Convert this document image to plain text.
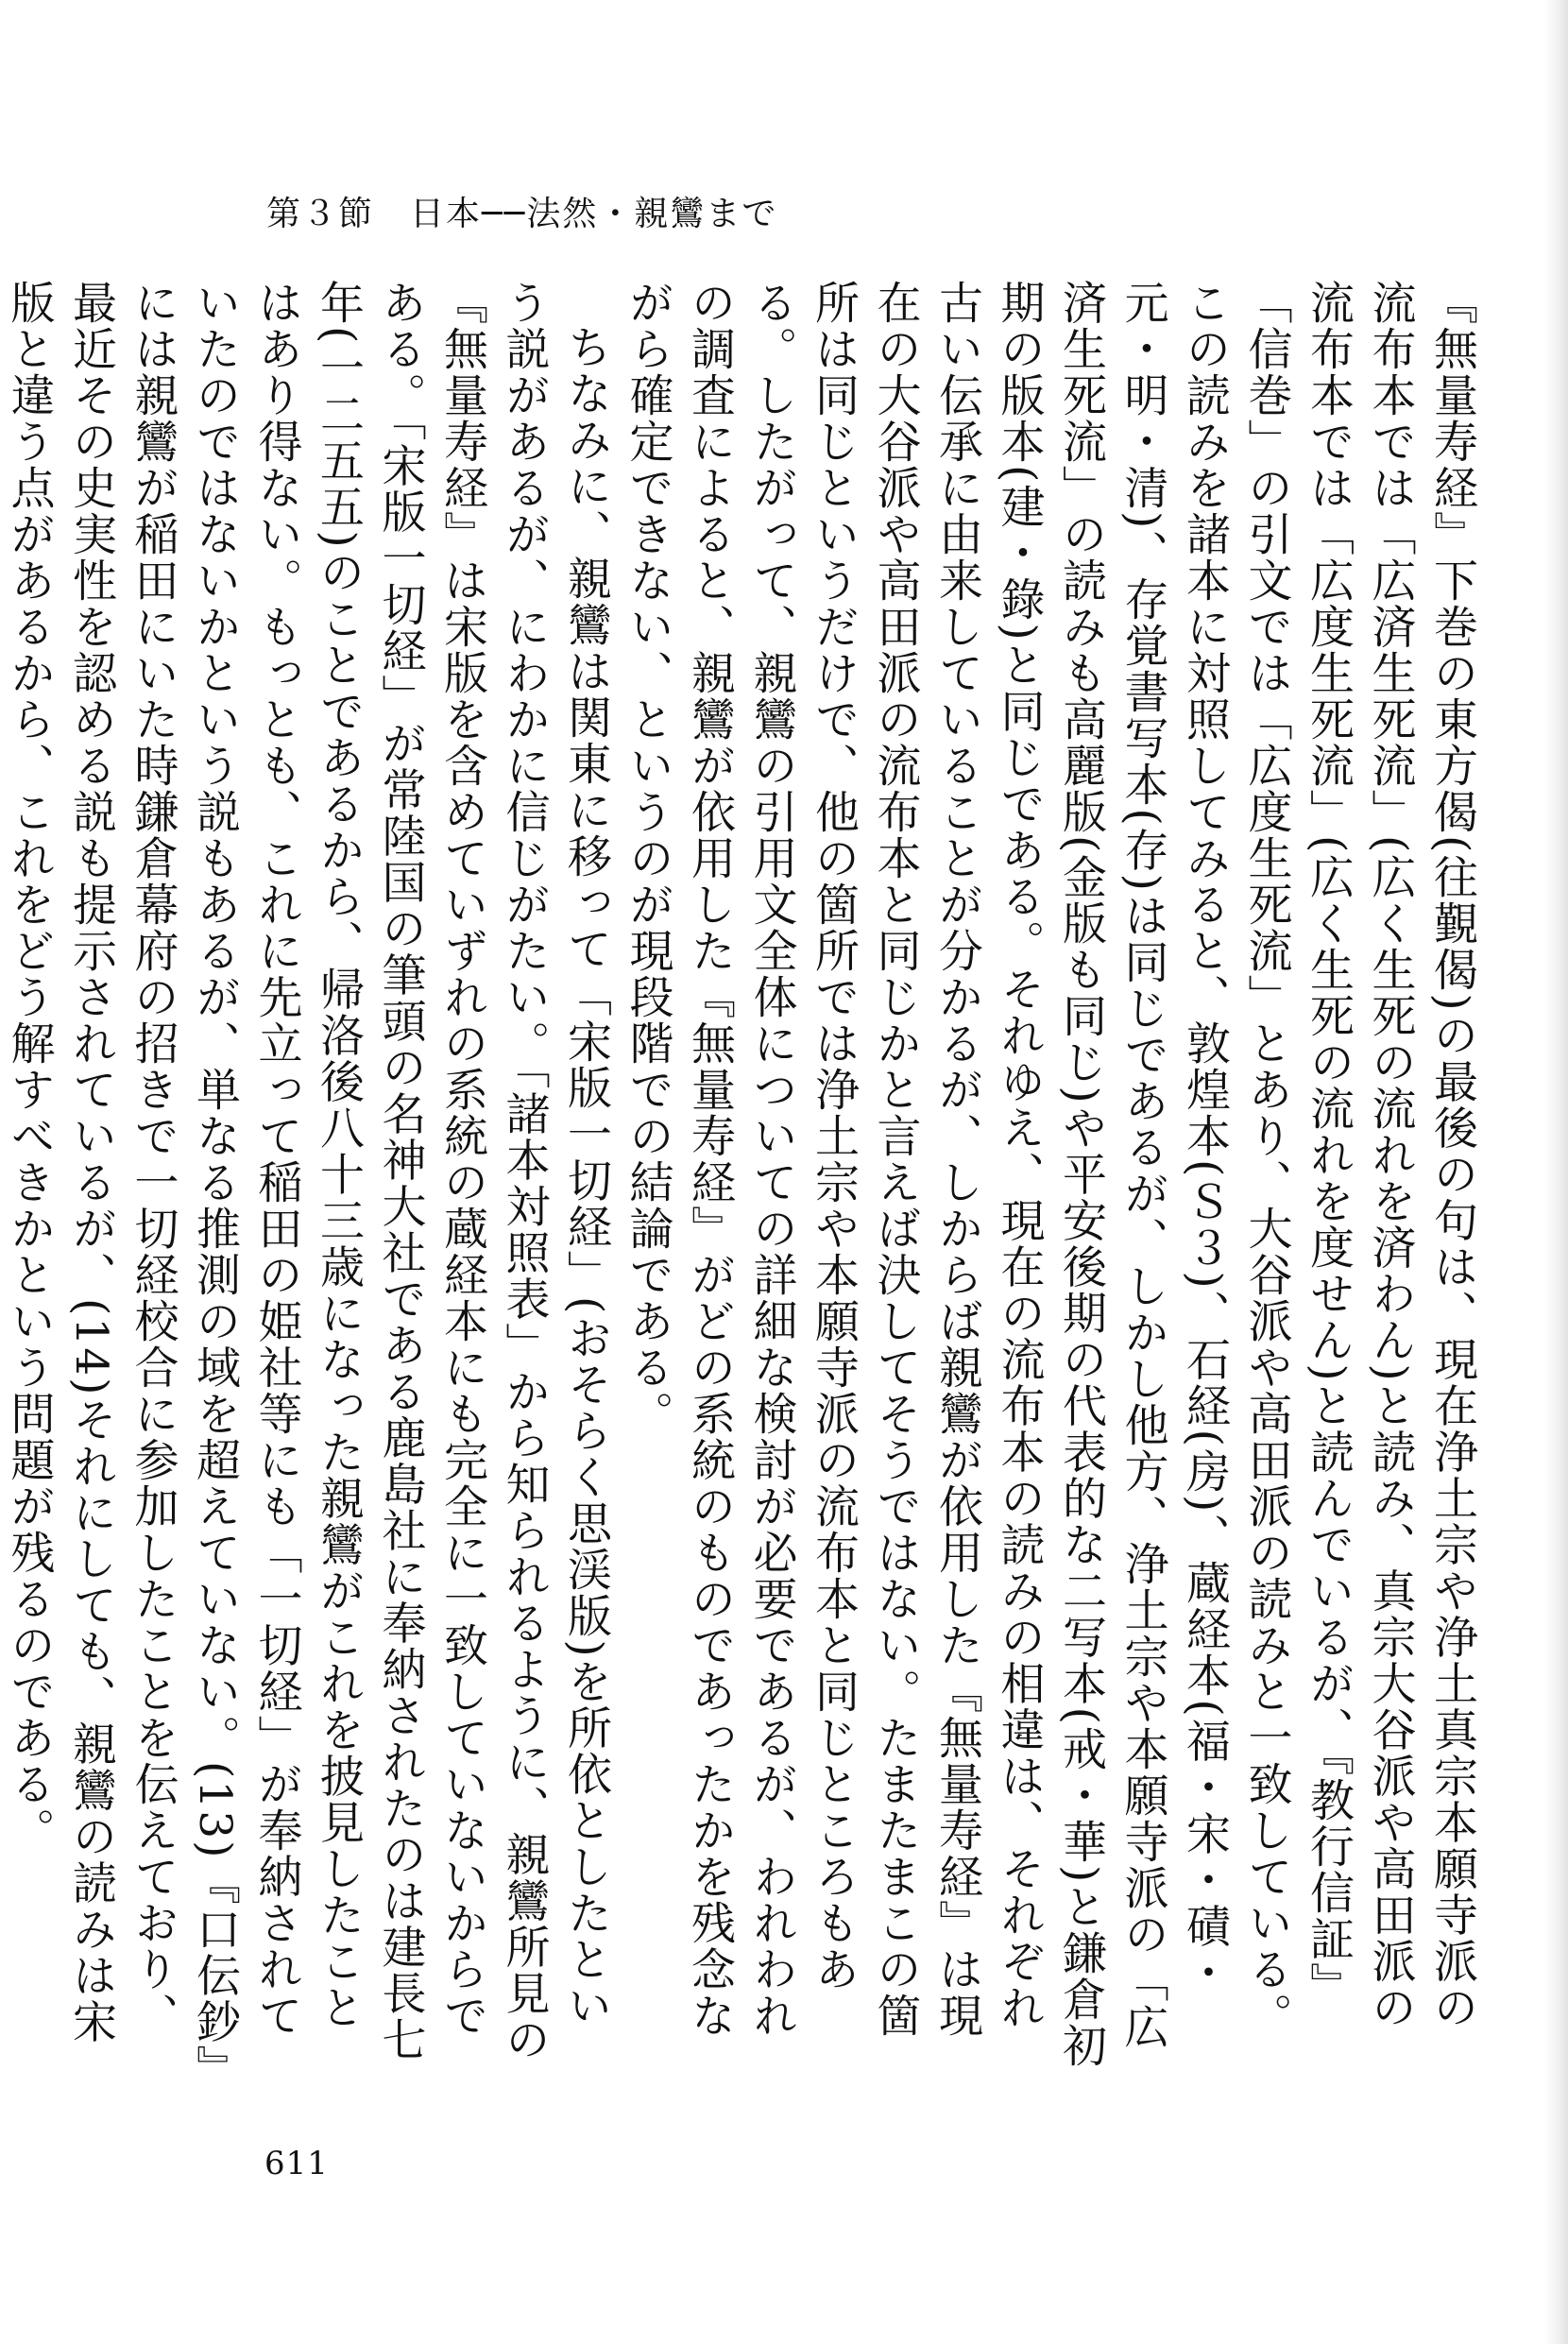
第３節　日本──法然・親鸞まで

『無量寿経』下巻の東方偈(往覲偈)の最後の句は、現在浄土宗や浄土真宗本願寺派の流布本では「広済生死流」(広く生死の流れを済わん)と読み、真宗大谷派や高田派の流布本では「広度生死流」(広く生死の流れを度せん)と読んでいるが、『教行信証』「信巻」の引文では「広度生死流」とあり、大谷派や高田派の読みと一致している。この読みを諸本に対照してみると、敦煌本(Ｓ３)、石経(房)、蔵経本(福・宋・磧・元・明・清)、存覚書写本(存)は同じであるが、しかし他方、浄土宗や本願寺派の「広済生死流」の読みも高麗版(金版も同じ)や平安後期の代表的な二写本(戒・華)と鎌倉初期の版本(建・錄)と同じである。それゆえ、現在の流布本の読みの相違は、それぞれ古い伝承に由来していることが分かるが、しからば親鸞が依用した『無量寿経』は現在の大谷派や高田派の流布本と同じかと言えば決してそうではない。たまたまこの箇所は同じというだけで、他の箇所では浄土宗や本願寺派の流布本と同じところもある。したがって、親鸞の引用文全体についての詳細な検討が必要であるが、われわれの調査によると、親鸞が依用した『無量寿経』がどの系統のものであったかを残念ながら確定できない、というのが現段階での結論である。

ちなみに、親鸞は関東に移って「宋版一切経」(おそらく思渓版)を所依としたという説があるが、にわかに信じがたい。「諸本対照表」から知られるように、親鸞所見の『無量寿経』は宋版を含めていずれの系統の蔵経本にも完全に一致していないからである。「宋版一切経」が常陸国の筆頭の名神大社である鹿島社に奉納されたのは建長七年(一二五五)のことであるから、帰洛後八十三歳になった親鸞がこれを披見したことはあり得ない。もっとも、これに先立って稲田の姫社等にも「一切経」が奉納されていたのではないかという説もあるが、単なる推測の域を超えていない。(13)『口伝鈔』には親鸞が稲田にいた時鎌倉幕府の招きで一切経校合に参加したことを伝えており、最近その史実性を認める説も提示されているが、(14)それにしても、親鸞の読みは宋版と違う点があるから、これをどう解すべきかという問題が残るのである。

611
